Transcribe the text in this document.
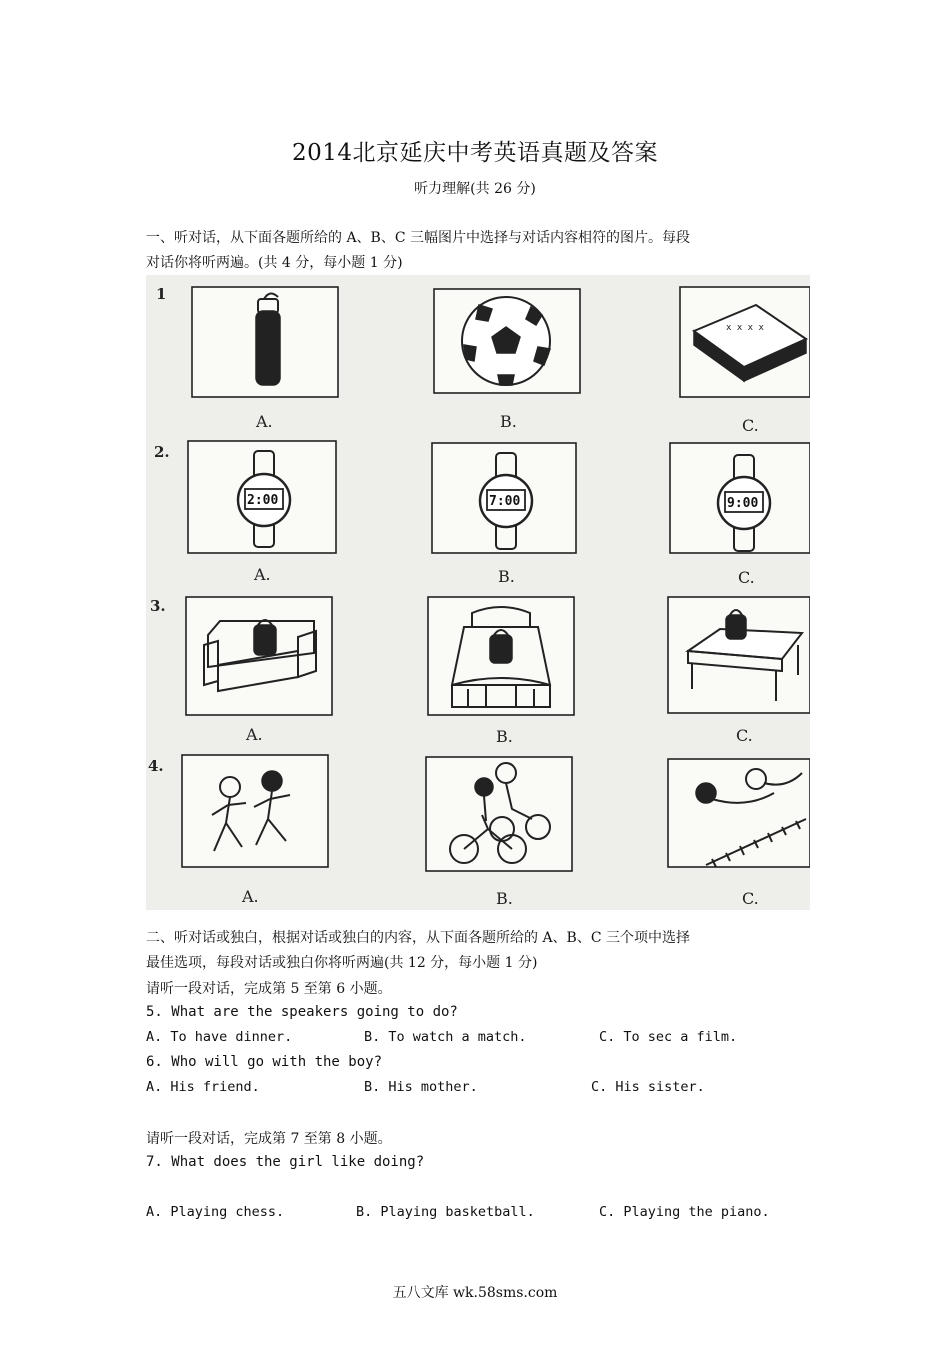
2014北京延庆中考英语真题及答案
听力理解(共 26 分)
一、听对话，从下面各题所给的 A、B、C 三幅图片中选择与对话内容相符的图片。每段
对话你将听两遍。(共 4 分，每小题 1 分)
1
A.	B.
x x x x
C.
2.
2:00
A.
7:00
B.
9:00
C.
3.
A.	B.	C.
4.
A.	B.	C.
二、听对话或独白，根据对话或独白的内容，从下面各题所给的 A、B、C 三个项中选择
最佳选项，每段对话或独白你将听两遍(共 12 分，每小题 1 分)
请听一段对话，完成第 5 至第 6 小题。
5. What are the speakers going to do?
A. To have dinner.	B. To watch a match.	C. To sec a film.
6. Who will go with the boy?
A. His friend.	B. His mother.	C. His sister.
请听一段对话，完成第 7 至第 8 小题。
7. What does the girl like doing?
A. Playing chess.	B. Playing basketball.	C. Playing the piano.
五八文库 wk.58sms.com
